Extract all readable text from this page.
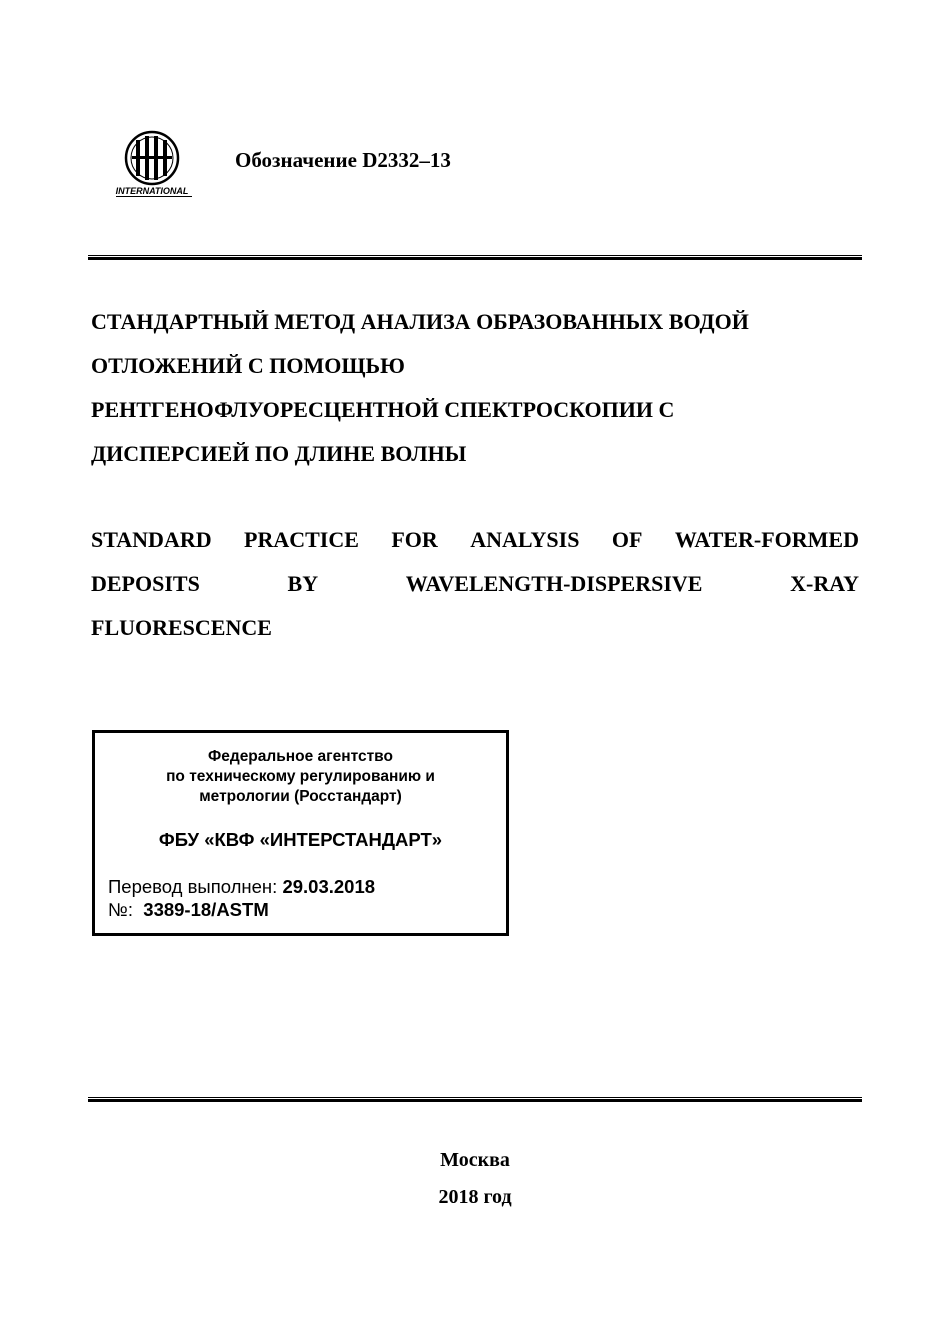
INTERNATIONAL
Обозначение D2332–13
СТАНДАРТНЫЙ МЕТОД АНАЛИЗА ОБРАЗОВАННЫХ ВОДОЙ
ОТЛОЖЕНИЙ С ПОМОЩЬЮ
РЕНТГЕНОФЛУОРЕСЦЕНТНОЙ СПЕКТРОСКОПИИ С
ДИСПЕРСИЕЙ ПО ДЛИНЕ ВОЛНЫ
STANDARD PRACTICE FOR ANALYSIS OF WATER-FORMED
DEPOSITS	BY	WAVELENGTH-DISPERSIVE	X-RAY
FLUORESCENCE
Федеральное агентство
по техническому регулированию и
метрологии (Росстандарт)
ФБУ «КВФ «ИНТЕРСТАНДАРТ»
Перевод выполнен: 29.03.2018
№: 3389-18/ASTM
Москва
2018 год
